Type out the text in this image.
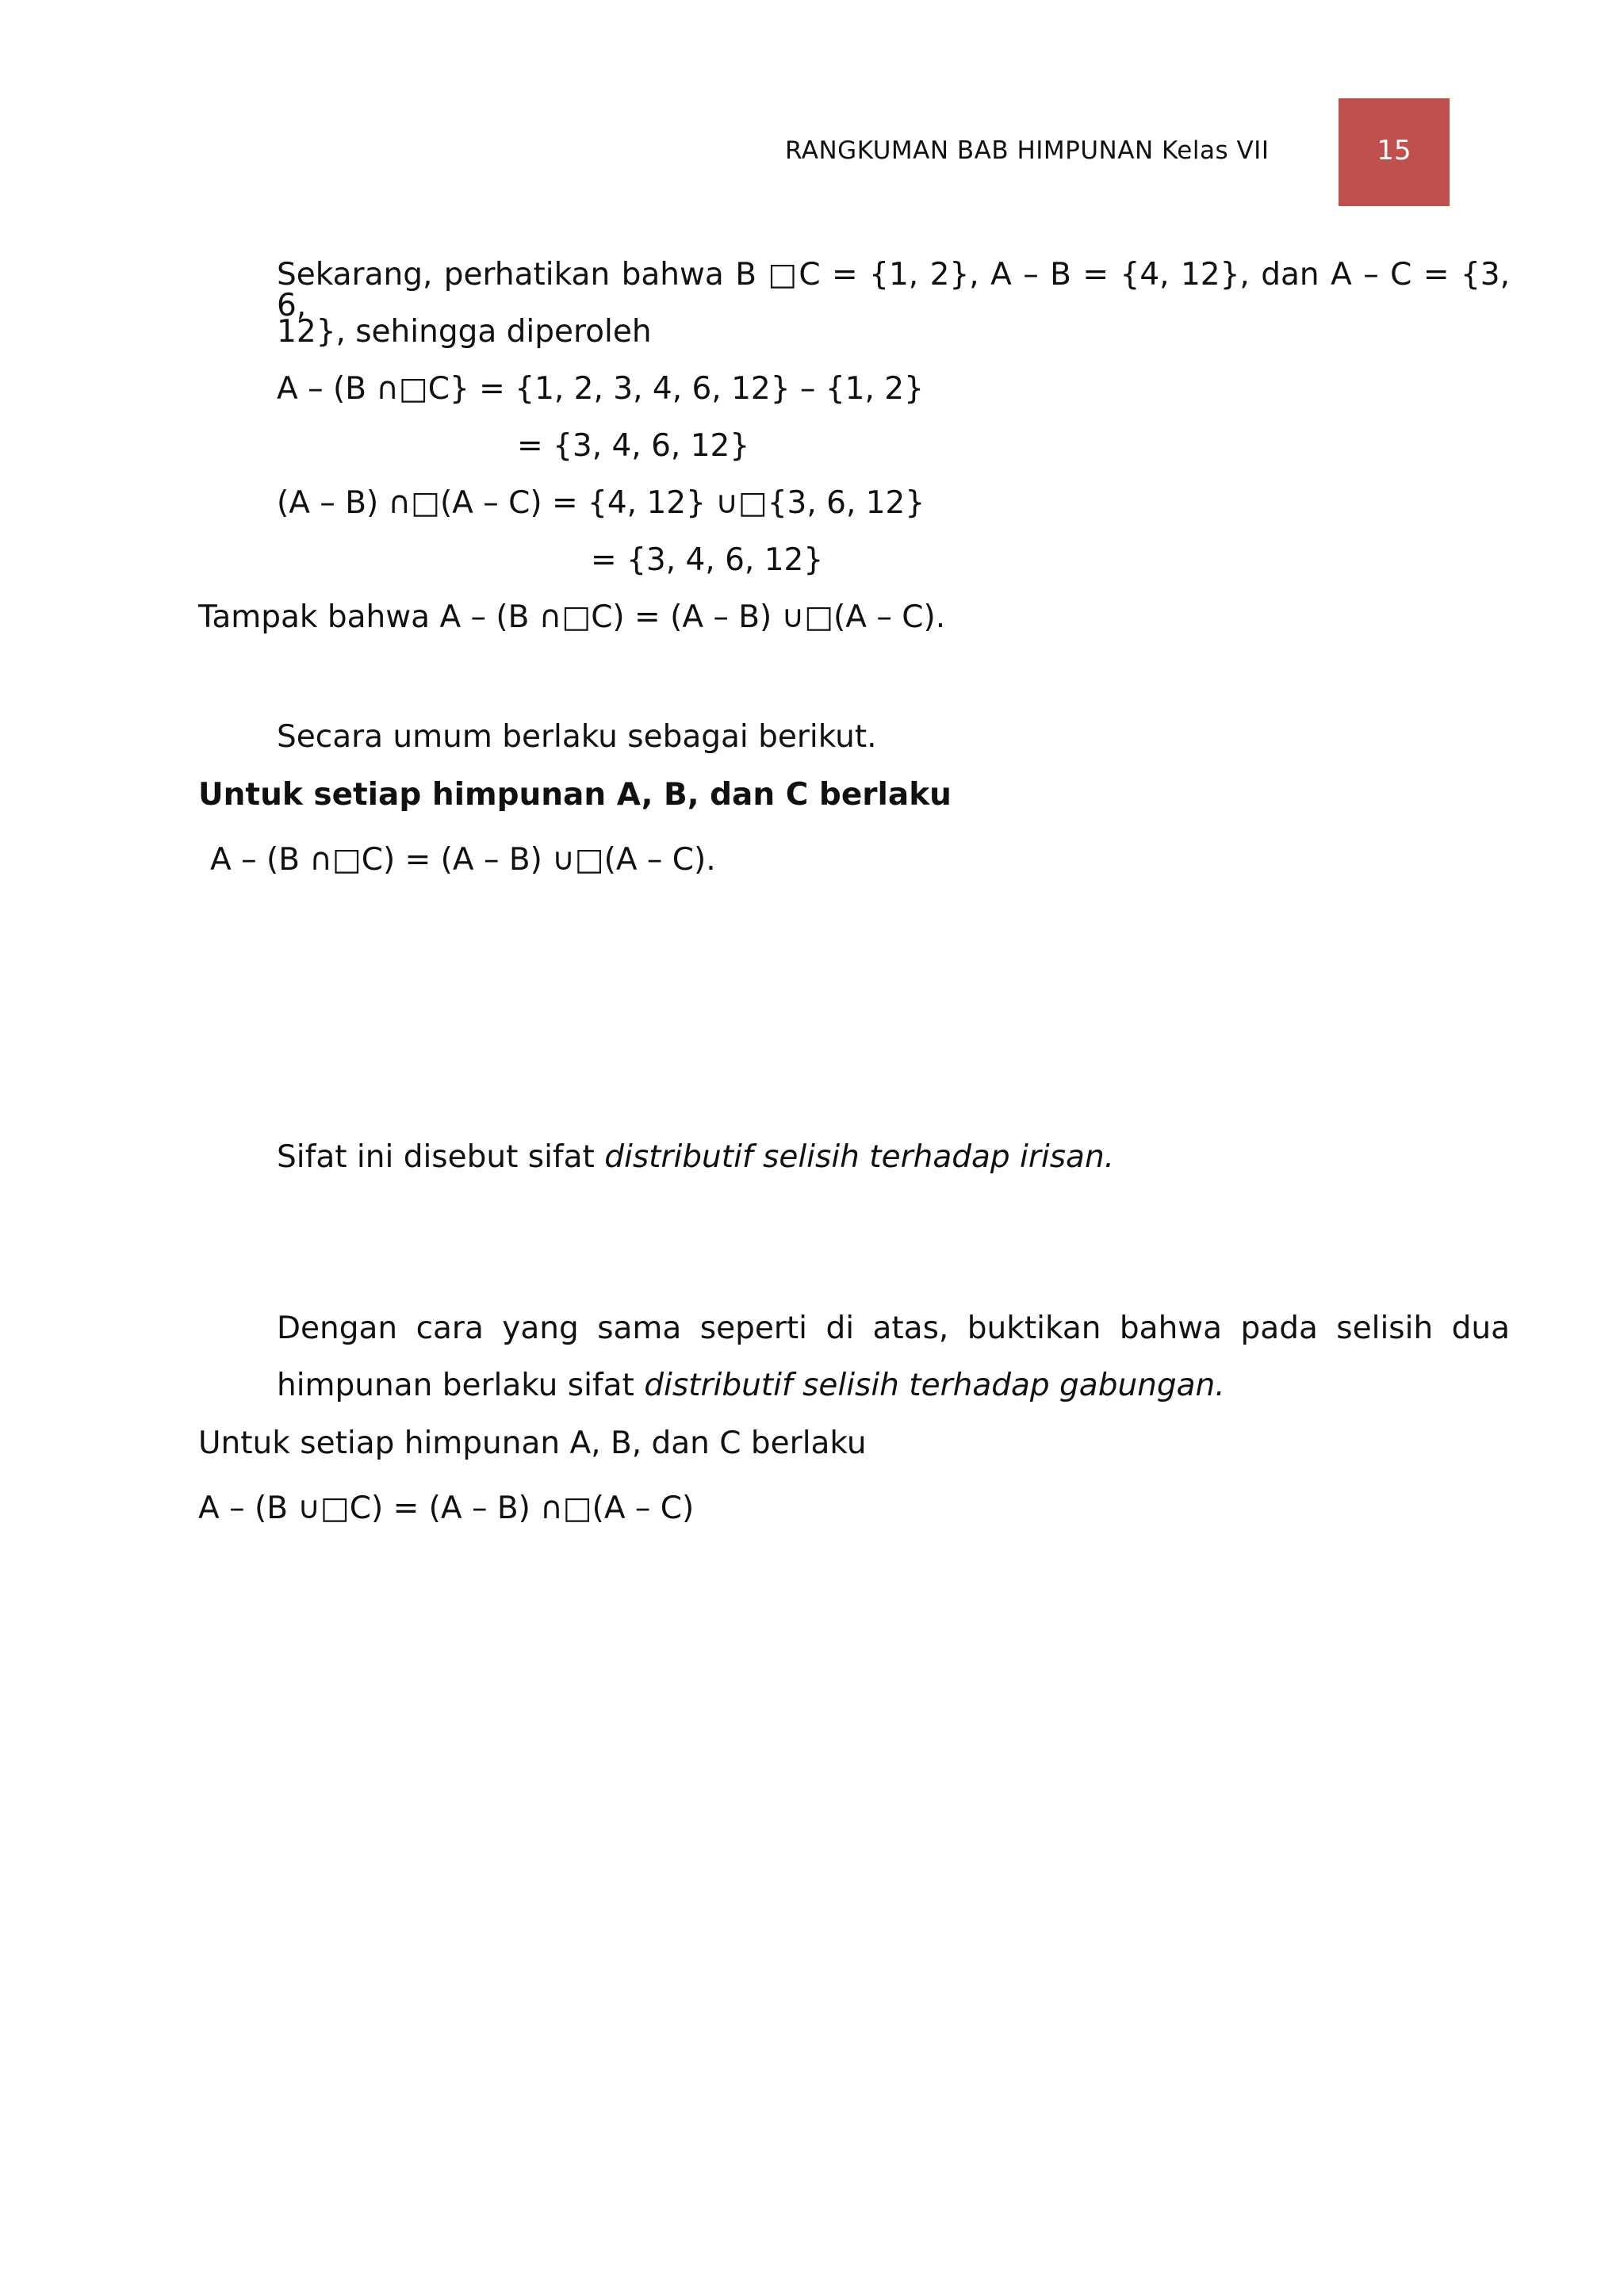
RANGKUMAN BAB HIMPUNAN Kelas VII	15
Sekarang, perhatikan bahwa B □C = {1, 2}, A – B = {4, 12}, dan A – C = {3, 6,
12}, sehingga diperoleh
A – (B ∩□C} = {1, 2, 3, 4, 6, 12} – {1, 2}
= {3, 4, 6, 12}
(A – B) ∩□(A – C) = {4, 12} ∪□{3, 6, 12}
= {3, 4, 6, 12}
Tampak bahwa A – (B ∩□C) = (A – B) ∪□(A – C).
Secara umum berlaku sebagai berikut.
Untuk setiap himpunan A, B, dan C berlaku
A – (B ∩□C) = (A – B) ∪□(A – C).
Sifat ini disebut sifat distributif selisih terhadap irisan.
Dengan cara yang sama seperti di atas, buktikan bahwa pada selisih dua
himpunan berlaku sifat distributif selisih terhadap gabungan.
Untuk setiap himpunan A, B, dan C berlaku
A – (B ∪□C) = (A – B) ∩□(A – C)
